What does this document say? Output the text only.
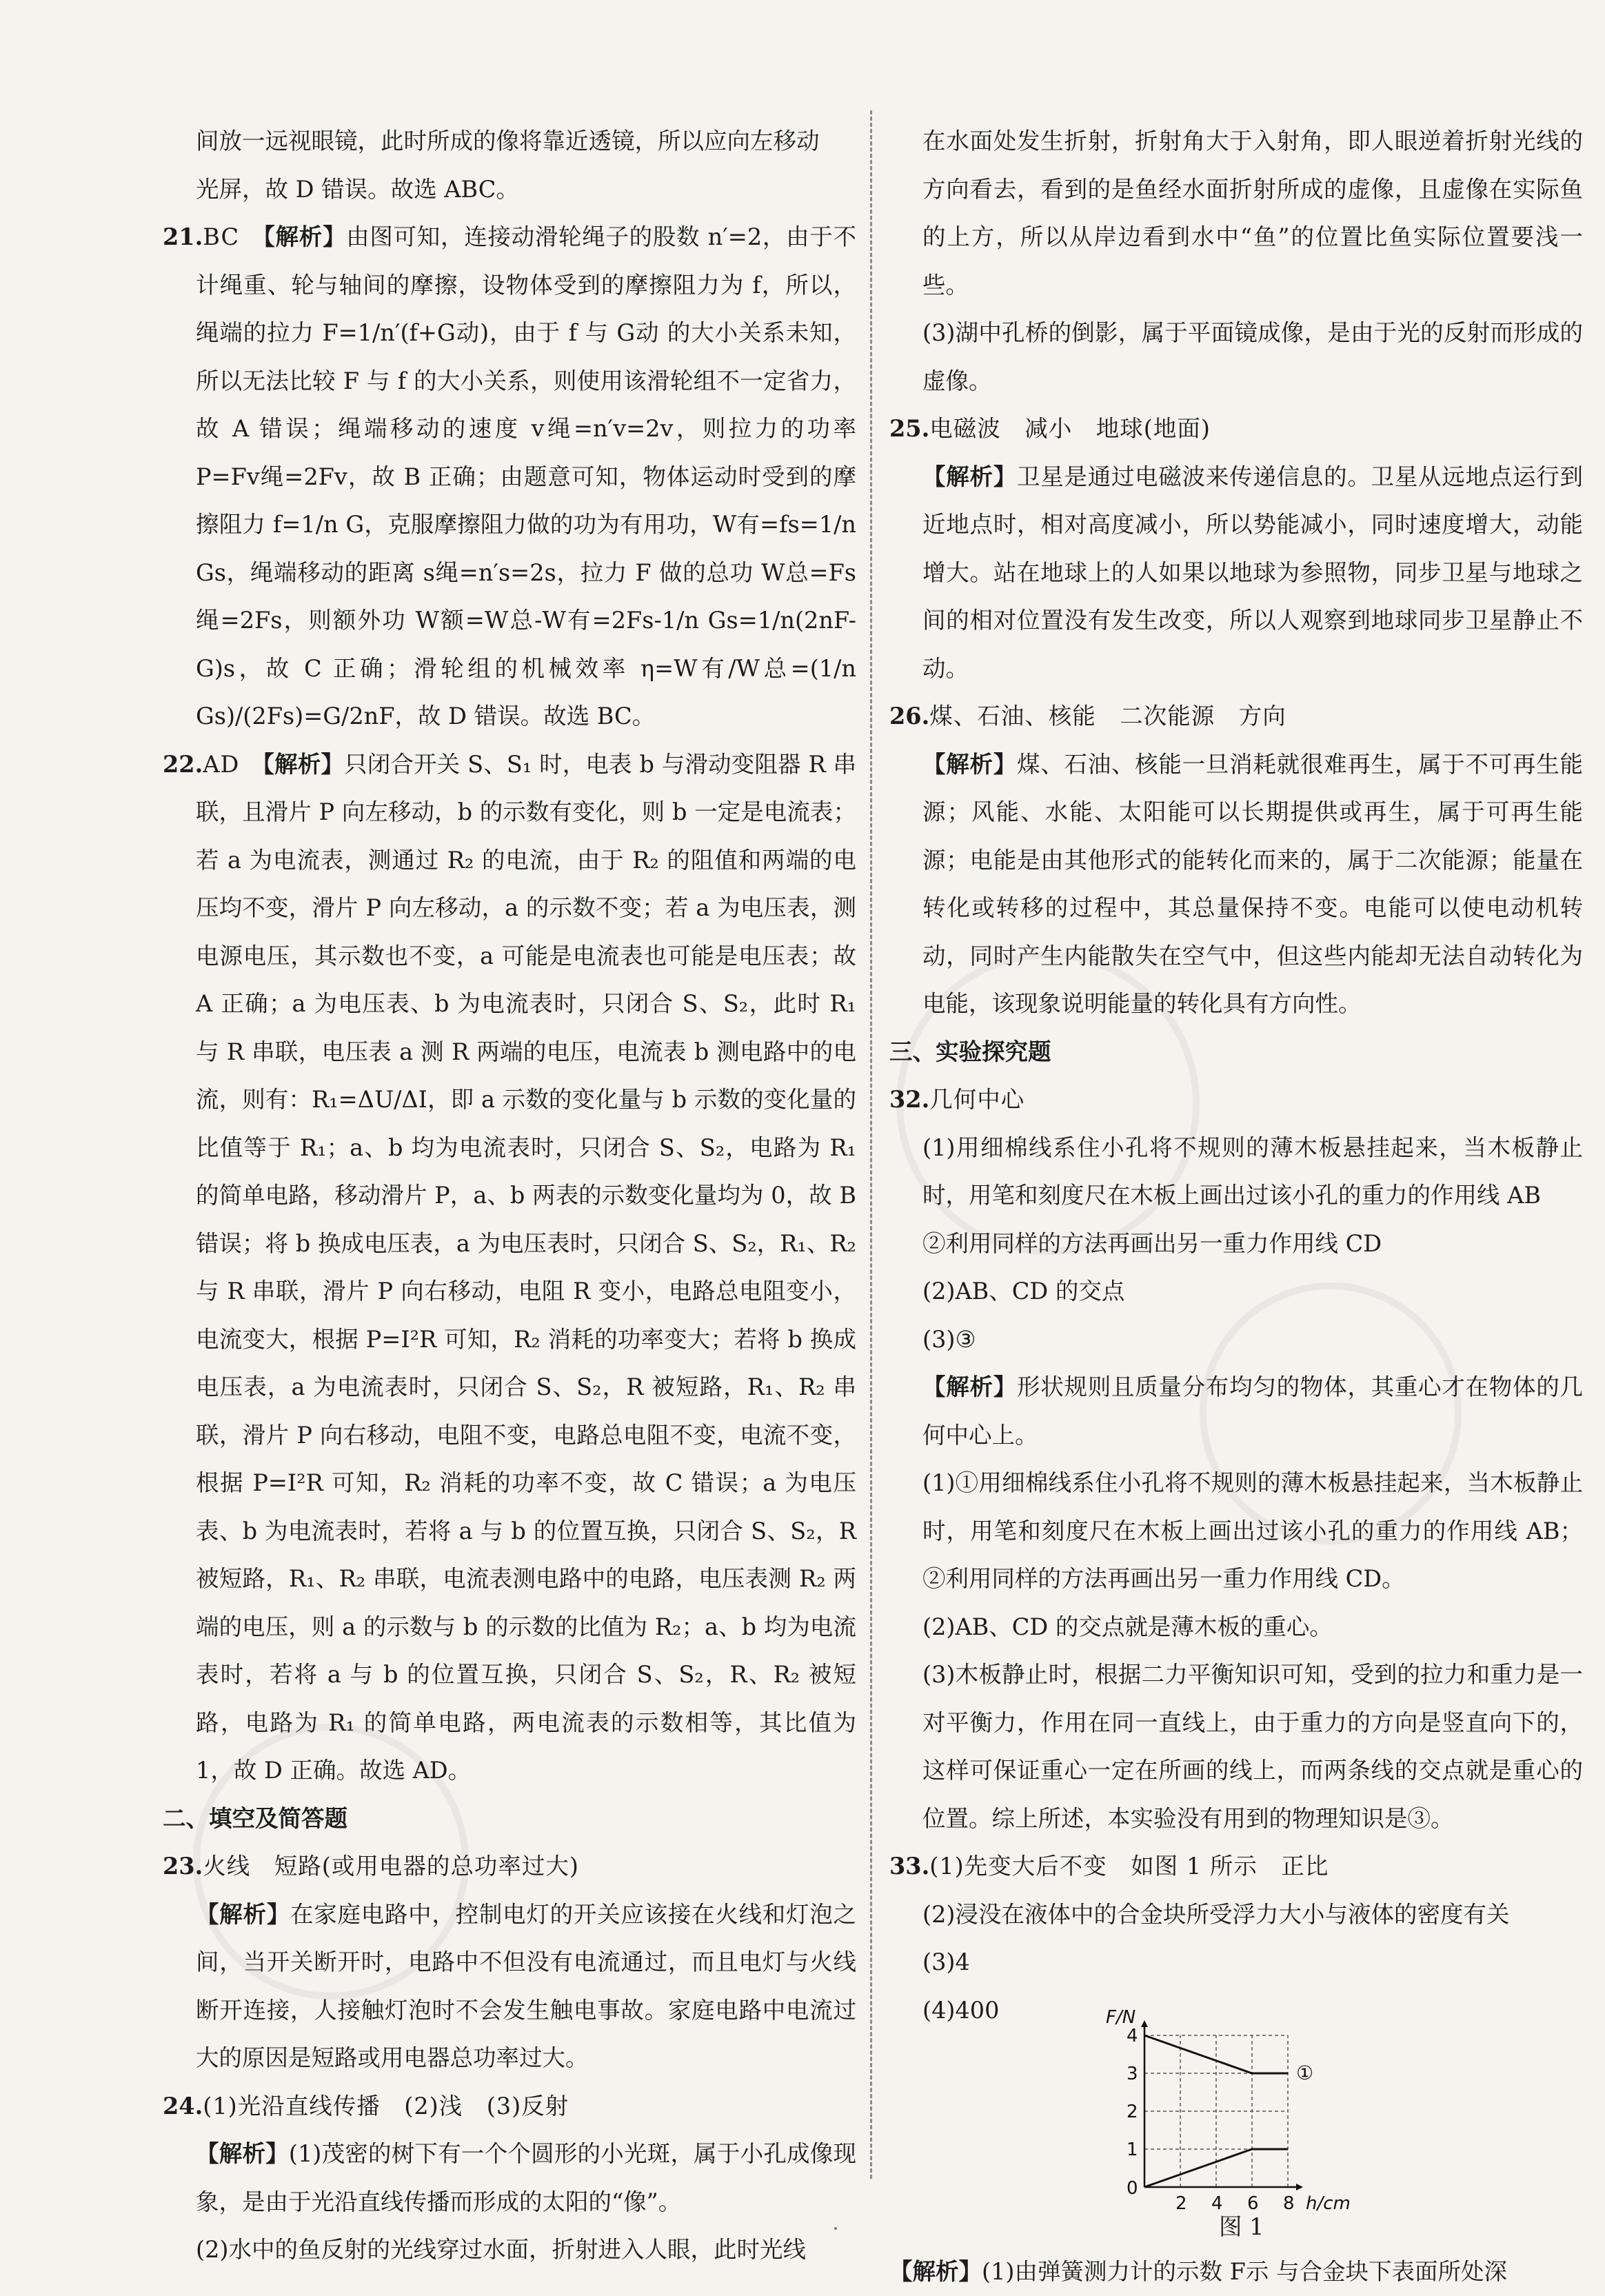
间放一远视眼镜，此时所成的像将靠近透镜，所以应向左移动

光屏，故 D 错误。故选 ABC。

21.BC　 【解析】由图可知，连接动滑轮绳子的股数 n′=2，由于不计绳重、轮与轴间的摩擦，设物体受到的摩擦阻力为 f，所以，绳端的拉力 F=1/n′(f+G动)，由于 f 与 G动 的大小关系未知，所以无法比较 F 与 f 的大小关系，则使用该滑轮组不一定省力，故 A 错误；绳端移动的速度 v绳=n′v=2v，则拉力的功率 P=Fv绳=2Fv，故 B 正确；由题意可知，物体运动时受到的摩擦阻力 f=1/n G，克服摩擦阻力做的功为有用功，W有=fs=1/n Gs，绳端移动的距离 s绳=n′s=2s，拉力 F 做的总功 W总=Fs绳=2Fs，则额外功 W额=W总-W有=2Fs-1/n Gs=1/n(2nF-G)s，故 C 正确；滑轮组的机械效率 η=W有/W总=(1/n Gs)/(2Fs)=G/2nF，故 D 错误。故选 BC。

22.AD　 【解析】只闭合开关 S、S₁ 时，电表 b 与滑动变阻器 R 串联，且滑片 P 向左移动，b 的示数有变化，则 b 一定是电流表；若 a 为电流表，测通过 R₂ 的电流，由于 R₂ 的阻值和两端的电压均不变，滑片 P 向左移动，a 的示数不变；若 a 为电压表，测电源电压，其示数也不变，a 可能是电流表也可能是电压表；故 A 正确；a 为电压表、b 为电流表时，只闭合 S、S₂，此时 R₁ 与 R 串联，电压表 a 测 R 两端的电压，电流表 b 测电路中的电流，则有：R₁=ΔU/ΔI，即 a 示数的变化量与 b 示数的变化量的比值等于 R₁；a、b 均为电流表时，只闭合 S、S₂，电路为 R₁ 的简单电路，移动滑片 P，a、b 两表的示数变化量均为 0，故 B 错误；将 b 换成电压表，a 为电压表时，只闭合 S、S₂，R₁、R₂ 与 R 串联，滑片 P 向右移动，电阻 R 变小，电路总电阻变小，电流变大，根据 P=I²R 可知，R₂ 消耗的功率变大；若将 b 换成电压表，a 为电流表时，只闭合 S、S₂，R 被短路，R₁、R₂ 串联，滑片 P 向右移动，电阻不变，电路总电阻不变，电流不变，根据 P=I²R 可知，R₂ 消耗的功率不变，故 C 错误；a 为电压表、b 为电流表时，若将 a 与 b 的位置互换，只闭合 S、S₂，R 被短路，R₁、R₂ 串联，电流表测电路中的电路，电压表测 R₂ 两端的电压，则 a 的示数与 b 的示数的比值为 R₂；a、b 均为电流表时，若将 a 与 b 的位置互换，只闭合 S、S₂，R、R₂ 被短路，电路为 R₁ 的简单电路，两电流表的示数相等，其比值为 1，故 D 正确。故选 AD。

二、填空及简答题

23.火线　短路(或用电器的总功率过大)

【解析】在家庭电路中，控制电灯的开关应该接在火线和灯泡之间，当开关断开时，电路中不但没有电流通过，而且电灯与火线断开连接，人接触灯泡时不会发生触电事故。家庭电路中电流过大的原因是短路或用电器总功率过大。

24.(1)光沿直线传播　(2)浅　(3)反射

【解析】(1)茂密的树下有一个个圆形的小光斑，属于小孔成像现象，是由于光沿直线传播而形成的太阳的“像”。

(2)水中的鱼反射的光线穿过水面，折射进入人眼，此时光线

在水面处发生折射，折射角大于入射角，即人眼逆着折射光线的方向看去，看到的是鱼经水面折射所成的虚像，且虚像在实际鱼的上方，所以从岸边看到水中“鱼”的位置比鱼实际位置要浅一些。

(3)湖中孔桥的倒影，属于平面镜成像，是由于光的反射而形成的虚像。

25.电磁波　减小　地球(地面)

【解析】卫星是通过电磁波来传递信息的。卫星从远地点运行到近地点时，相对高度减小，所以势能减小，同时速度增大，动能增大。站在地球上的人如果以地球为参照物，同步卫星与地球之间的相对位置没有发生改变，所以人观察到地球同步卫星静止不动。

26.煤、石油、核能　二次能源　方向

【解析】煤、石油、核能一旦消耗就很难再生，属于不可再生能源；风能、水能、太阳能可以长期提供或再生，属于可再生能源；电能是由其他形式的能转化而来的，属于二次能源；能量在转化或转移的过程中，其总量保持不变。电能可以使电动机转动，同时产生内能散失在空气中，但这些内能却无法自动转化为电能，该现象说明能量的转化具有方向性。

三、实验探究题

32.几何中心

(1)用细棉线系住小孔将不规则的薄木板悬挂起来，当木板静止时，用笔和刻度尺在木板上画出过该小孔的重力的作用线 AB

②利用同样的方法再画出另一重力作用线 CD

(2)AB、CD 的交点

(3)③

【解析】形状规则且质量分布均匀的物体，其重心才在物体的几何中心上。

(1)①用细棉线系住小孔将不规则的薄木板悬挂起来，当木板静止时，用笔和刻度尺在木板上画出过该小孔的重力的作用线 AB；②利用同样的方法再画出另一重力作用线 CD。

(2)AB、CD 的交点就是薄木板的重心。

(3)木板静止时，根据二力平衡知识可知，受到的拉力和重力是一对平衡力，作用在同一直线上，由于重力的方向是竖直向下的，这样可保证重心一定在所画的线上，而两条线的交点就是重心的位置。综上所述，本实验没有用到的物理知识是③。

33.(1)先变大后不变　如图 1 所示　正比

(2)浸没在液体中的合金块所受浮力大小与液体的密度有关

(3)4

(4)400

0
2 4 6 8
1
2
3
4
h/cm
F/N
①

图 1

【解析】(1)由弹簧测力计的示数 F示 与合金块下表面所处深
